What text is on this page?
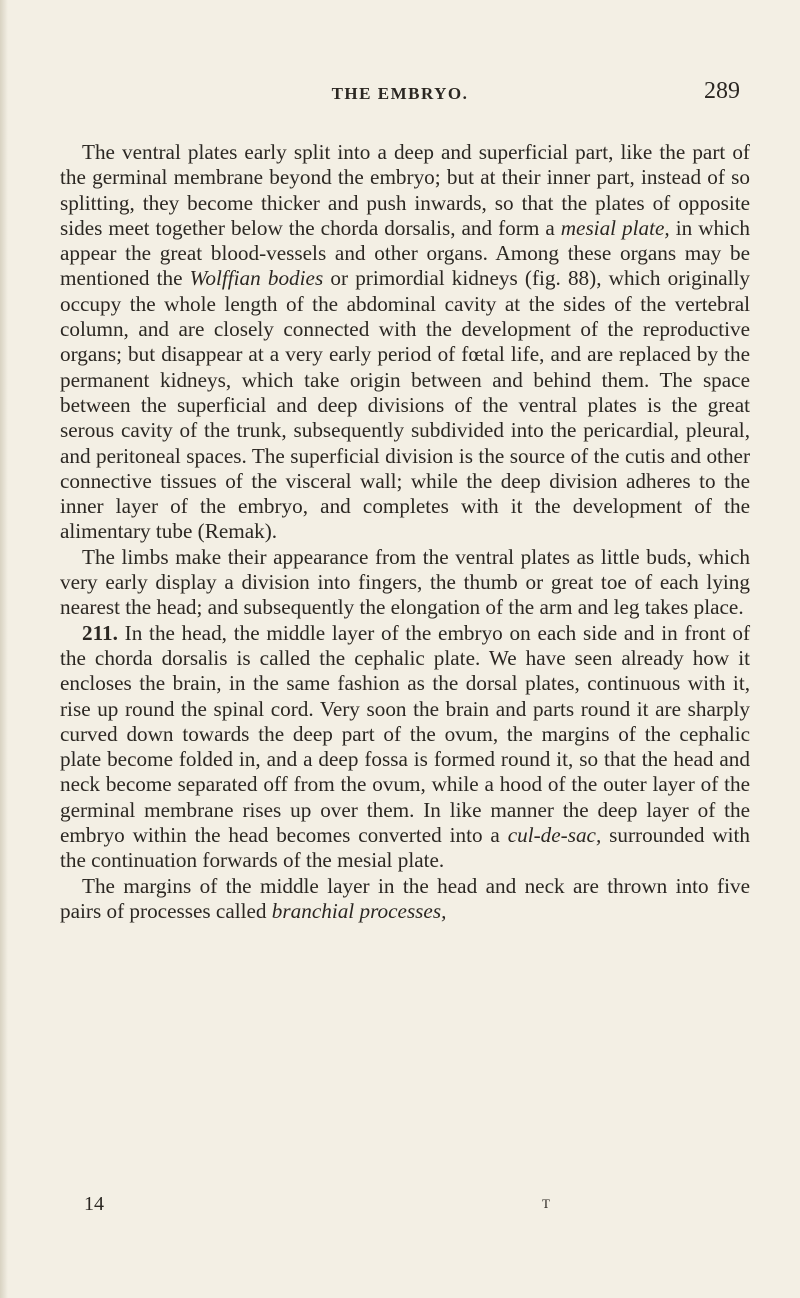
THE EMBRYO.	289

The ventral plates early split into a deep and superficial part, like the part of the germinal membrane beyond the embryo; but at their inner part, instead of so splitting, they become thicker and push inwards, so that the plates of opposite sides meet together below the chorda dorsalis, and form a mesial plate, in which appear the great blood-vessels and other organs. Among these organs may be mentioned the Wolffian bodies or primordial kidneys (fig. 88), which originally occupy the whole length of the abdominal cavity at the sides of the vertebral column, and are closely connected with the development of the reproductive organs; but disappear at a very early period of fœtal life, and are replaced by the permanent kidneys, which take origin between and behind them. The space between the superficial and deep divisions of the ventral plates is the great serous cavity of the trunk, subsequently subdivided into the pericardial, pleural, and peritoneal spaces. The superficial division is the source of the cutis and other connective tissues of the visceral wall; while the deep division adheres to the inner layer of the embryo, and completes with it the development of the alimentary tube (Remak).

The limbs make their appearance from the ventral plates as little buds, which very early display a division into fingers, the thumb or great toe of each lying nearest the head; and subsequently the elongation of the arm and leg takes place.

211. In the head, the middle layer of the embryo on each side and in front of the chorda dorsalis is called the cephalic plate. We have seen already how it encloses the brain, in the same fashion as the dorsal plates, continuous with it, rise up round the spinal cord. Very soon the brain and parts round it are sharply curved down towards the deep part of the ovum, the margins of the cephalic plate become folded in, and a deep fossa is formed round it, so that the head and neck become separated off from the ovum, while a hood of the outer layer of the germinal membrane rises up over them. In like manner the deep layer of the embryo within the head becomes converted into a cul-de-sac, surrounded with the continuation forwards of the mesial plate.

The margins of the middle layer in the head and neck are thrown into five pairs of processes called branchial processes,

14	T
